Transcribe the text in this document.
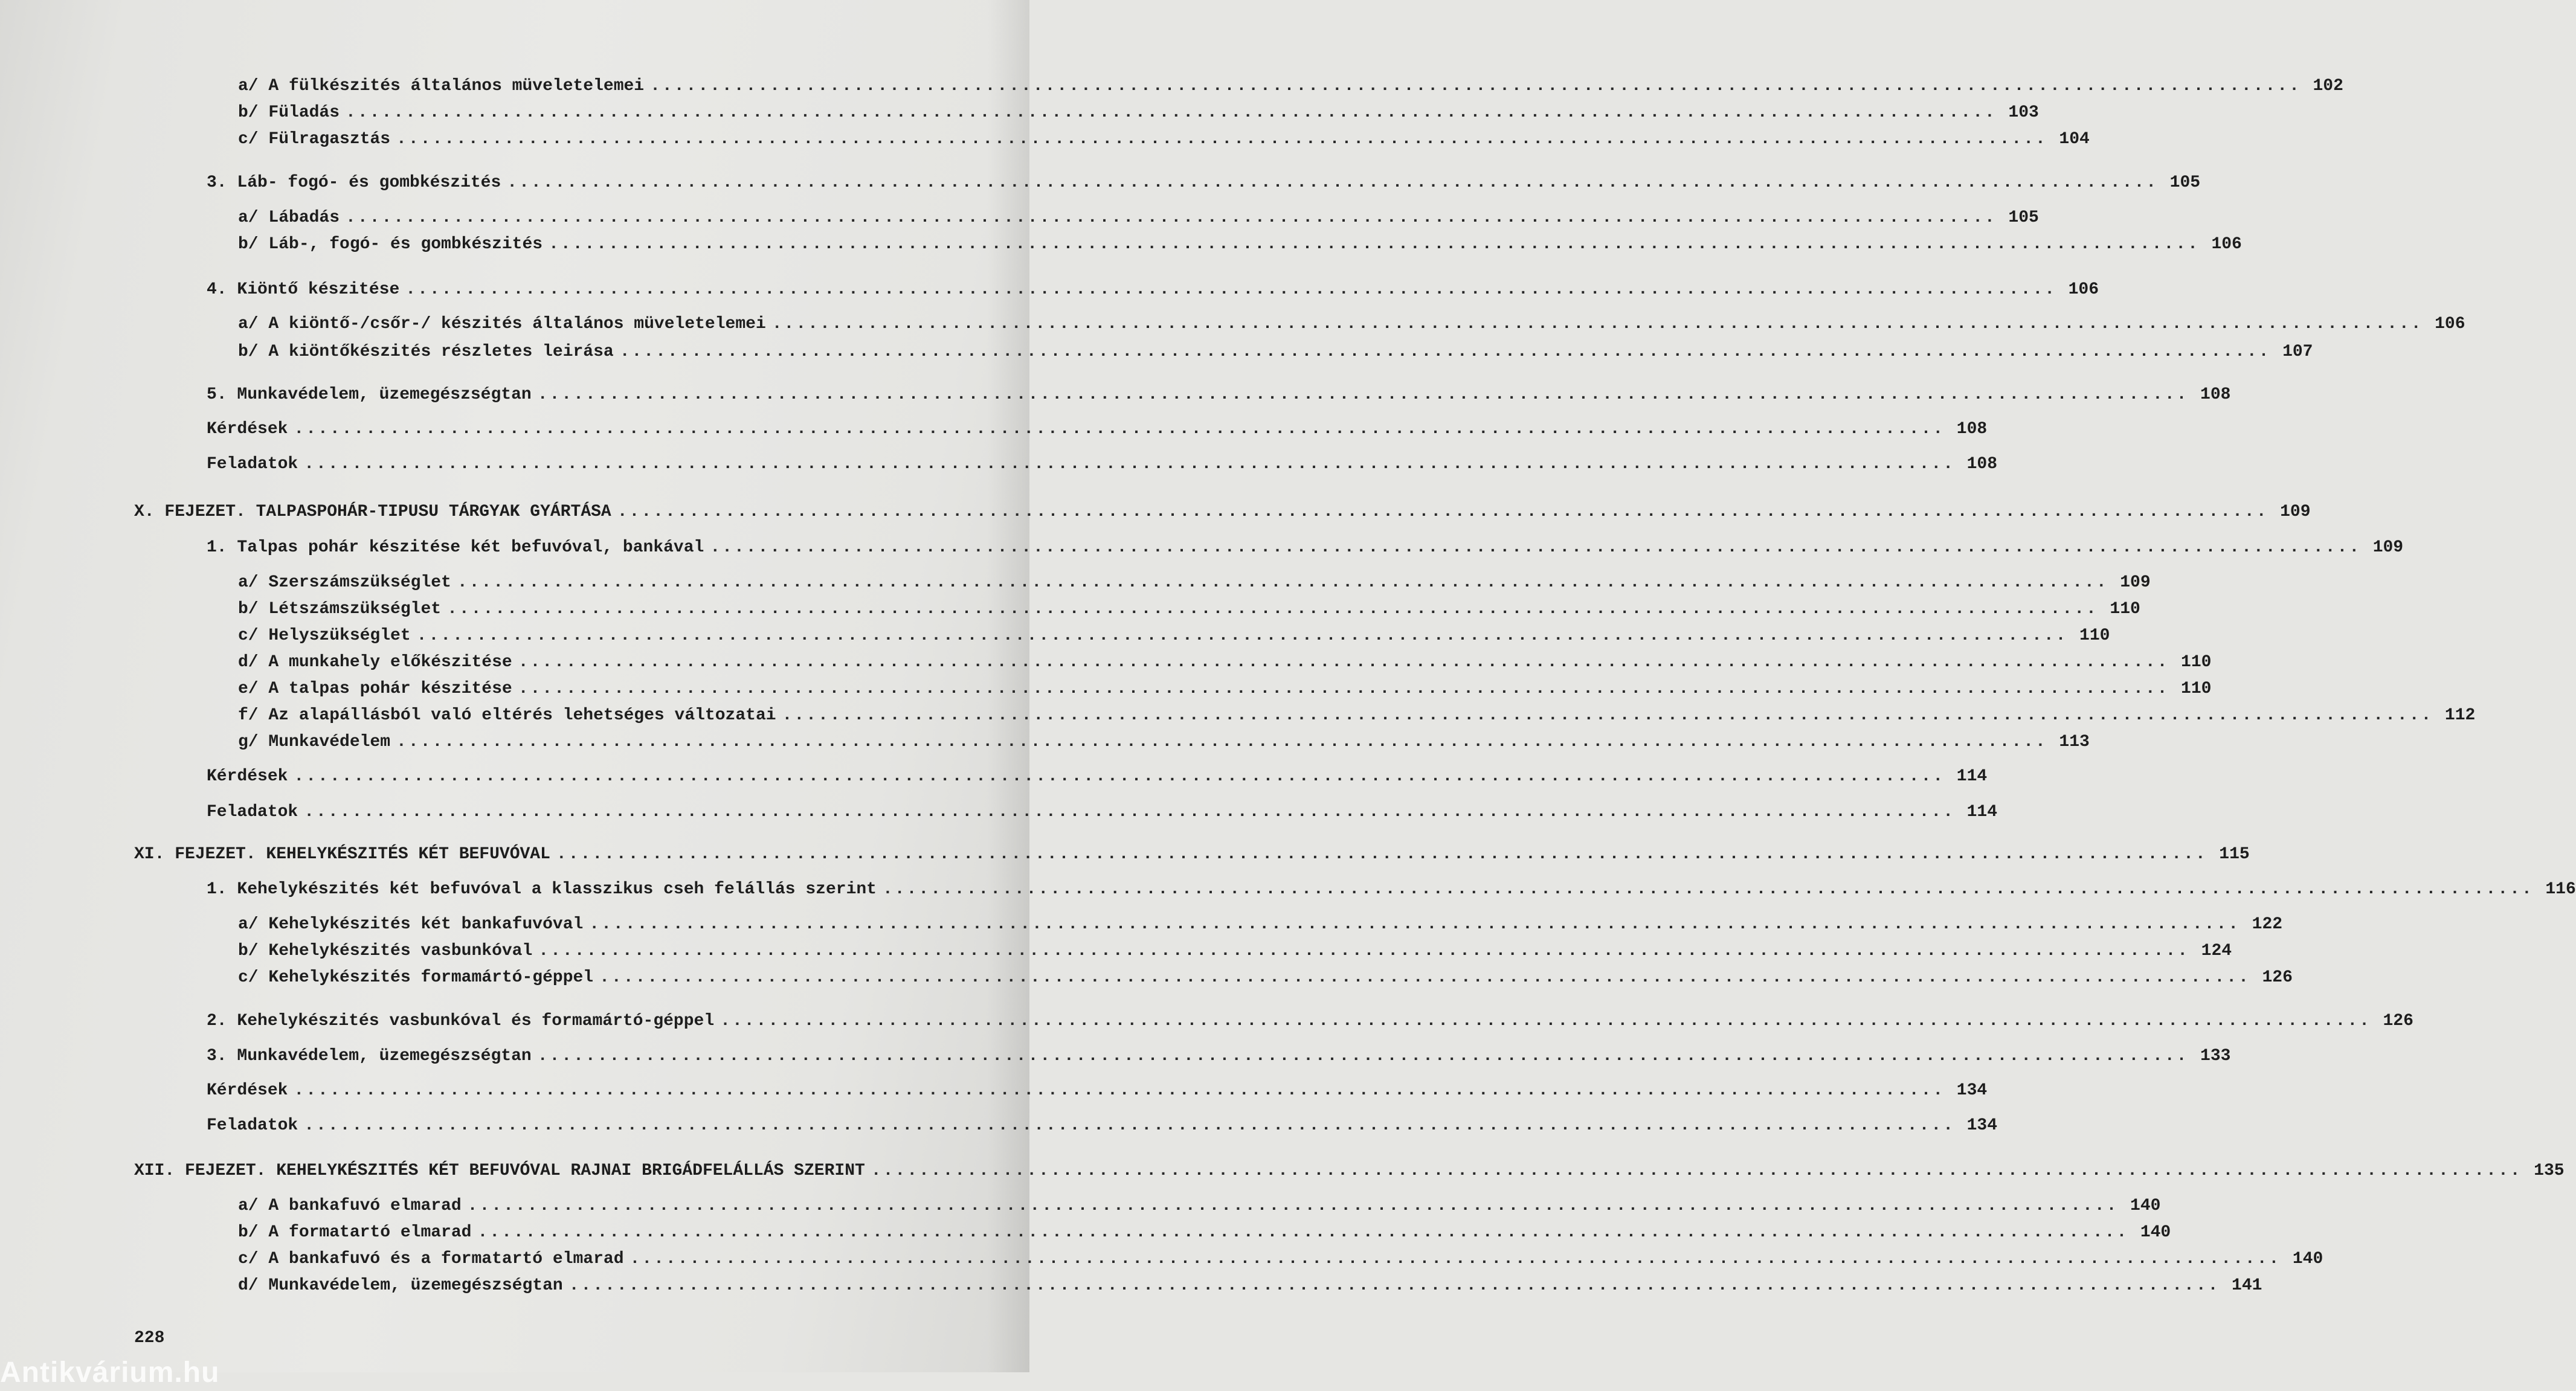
a/ A fülkészités általános müveletelemei .....	102
b/ Füladás .....	103
c/ Fülragasztás .....	104
3. Láb- fogó- és gombkészités .....	105
a/ Lábadás .....	105
b/ Láb-, fogó- és gombkészités .....	106
4. Kiöntő készitése .....	106
a/ A kiöntő-/csőr-/ készités általános müveletelemei .....	106
b/ A kiöntőkészités részletes leirása .....	107
5. Munkavédelem, üzemegészségtan .....	108
Kérdések .....	108
Feladatok .....	108
X. FEJEZET. TALPASPOHÁR-TIPUSU TÁRGYAK GYÁRTÁSA .....	109
1. Talpas pohár készitése két befuvóval, bankával .....	109
a/ Szerszámszükséglet .....	109
b/ Létszámszükséglet .....	110
c/ Helyszükséglet .....	110
d/ A munkahely előkészitése .....	110
e/ A talpas pohár készitése .....	110
f/ Az alapállásból való eltérés lehetséges változatai .....	112
g/ Munkavédelem .....	113
Kérdések .....	114
Feladatok .....	114
XI. FEJEZET. KEHELYKÉSZITÉS KÉT BEFUVÓVAL .....	115
1. Kehelykészités két befuvóval a klasszikus cseh felállás szerint .....	116
a/ Kehelykészités két bankafuvóval .....	122
b/ Kehelykészités vasbunkóval .....	124
c/ Kehelykészités formamártó-géppel .....	126
2. Kehelykészités vasbunkóval és formamártó-géppel .....	126
3. Munkavédelem, üzemegészségtan .....	133
Kérdések .....	134
Feladatok .....	134
XII. FEJEZET. KEHELYKÉSZITÉS KÉT BEFUVÓVAL RAJNAI BRIGÁDFELÁLLÁS SZERINT .....	135
a/ A bankafuvó elmarad .....	140
b/ A formatartó elmarad .....	140
c/ A bankafuvó és a formatartó elmarad .....	140
d/ Munkavédelem, üzemegészségtan .....	141
228
Antikvárium.hu
